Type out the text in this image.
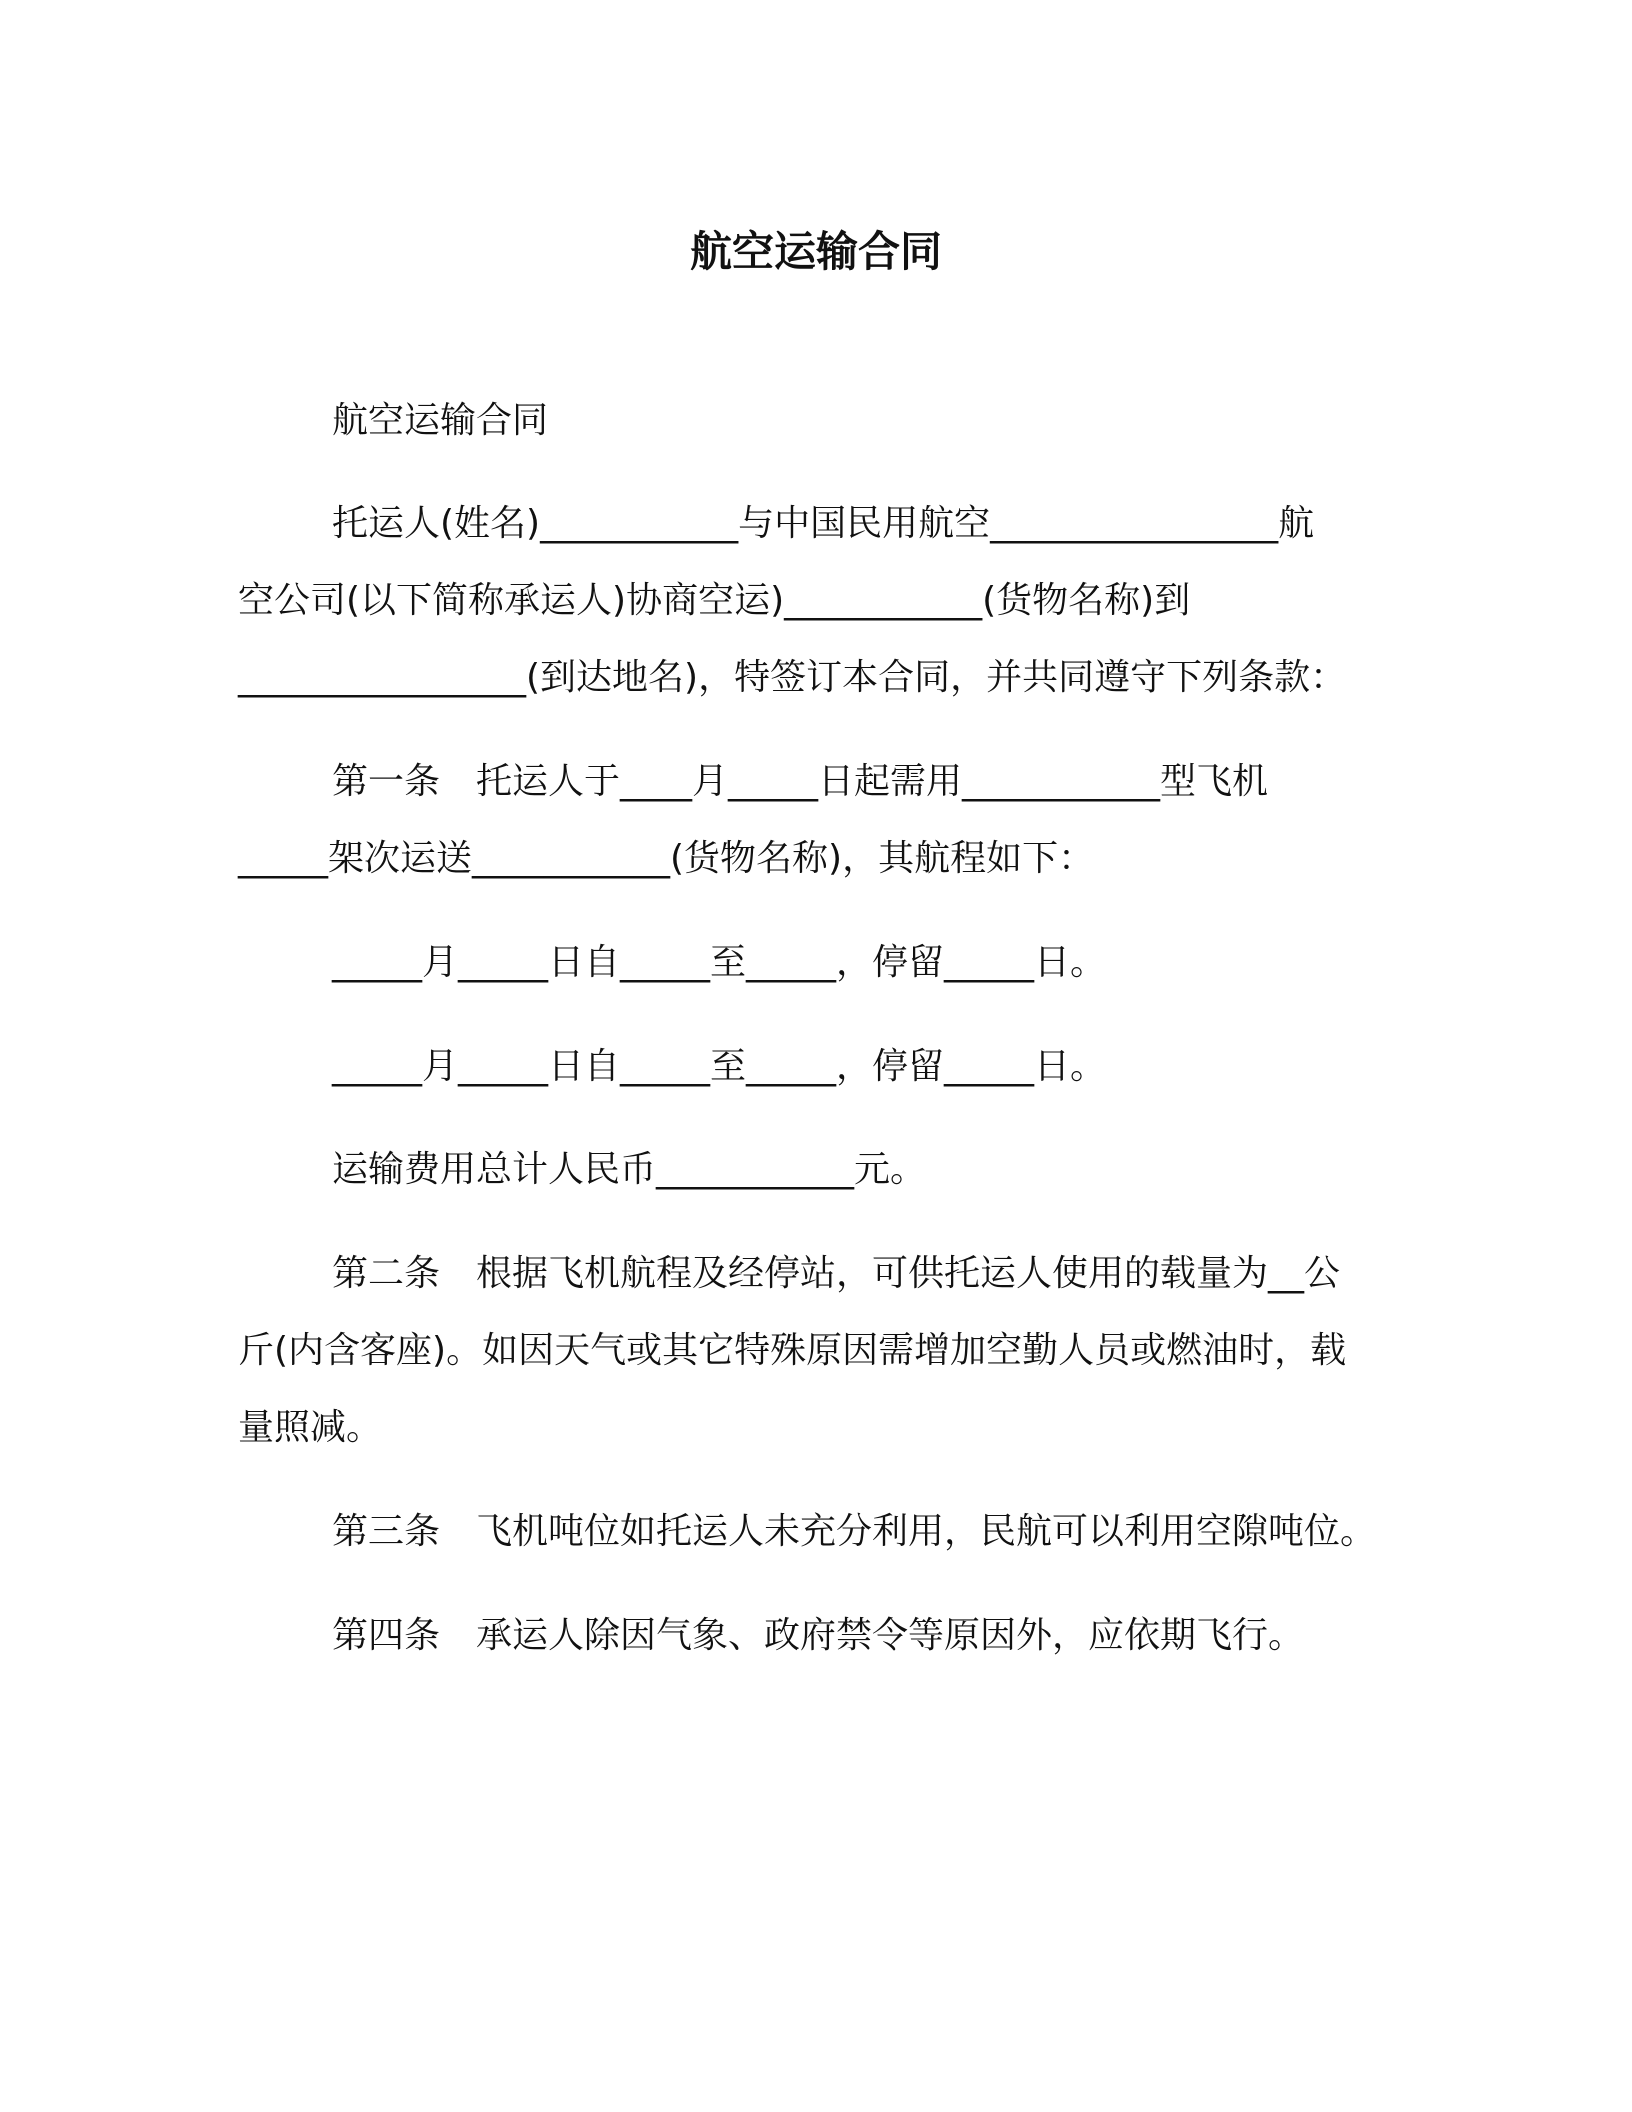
航空运输合同
航空运输合同
托运人(姓名)___________与中国民用航空________________航
空公司(以下简称承运人)协商空运)___________(货物名称)到
________________(到达地名)，特签订本合同，并共同遵守下列条款：
第一条　托运人于____月_____日起需用___________型飞机
_____架次运送___________(货物名称)，其航程如下：
_____月_____日自_____至_____，停留_____日。
_____月_____日自_____至_____，停留_____日。
运输费用总计人民币___________元。
第二条　根据飞机航程及经停站，可供托运人使用的载量为__公
斤(内含客座)。如因天气或其它特殊原因需增加空勤人员或燃油时，载
量照减。
第三条　飞机吨位如托运人未充分利用，民航可以利用空隙吨位。
第四条　承运人除因气象、政府禁令等原因外，应依期飞行。
